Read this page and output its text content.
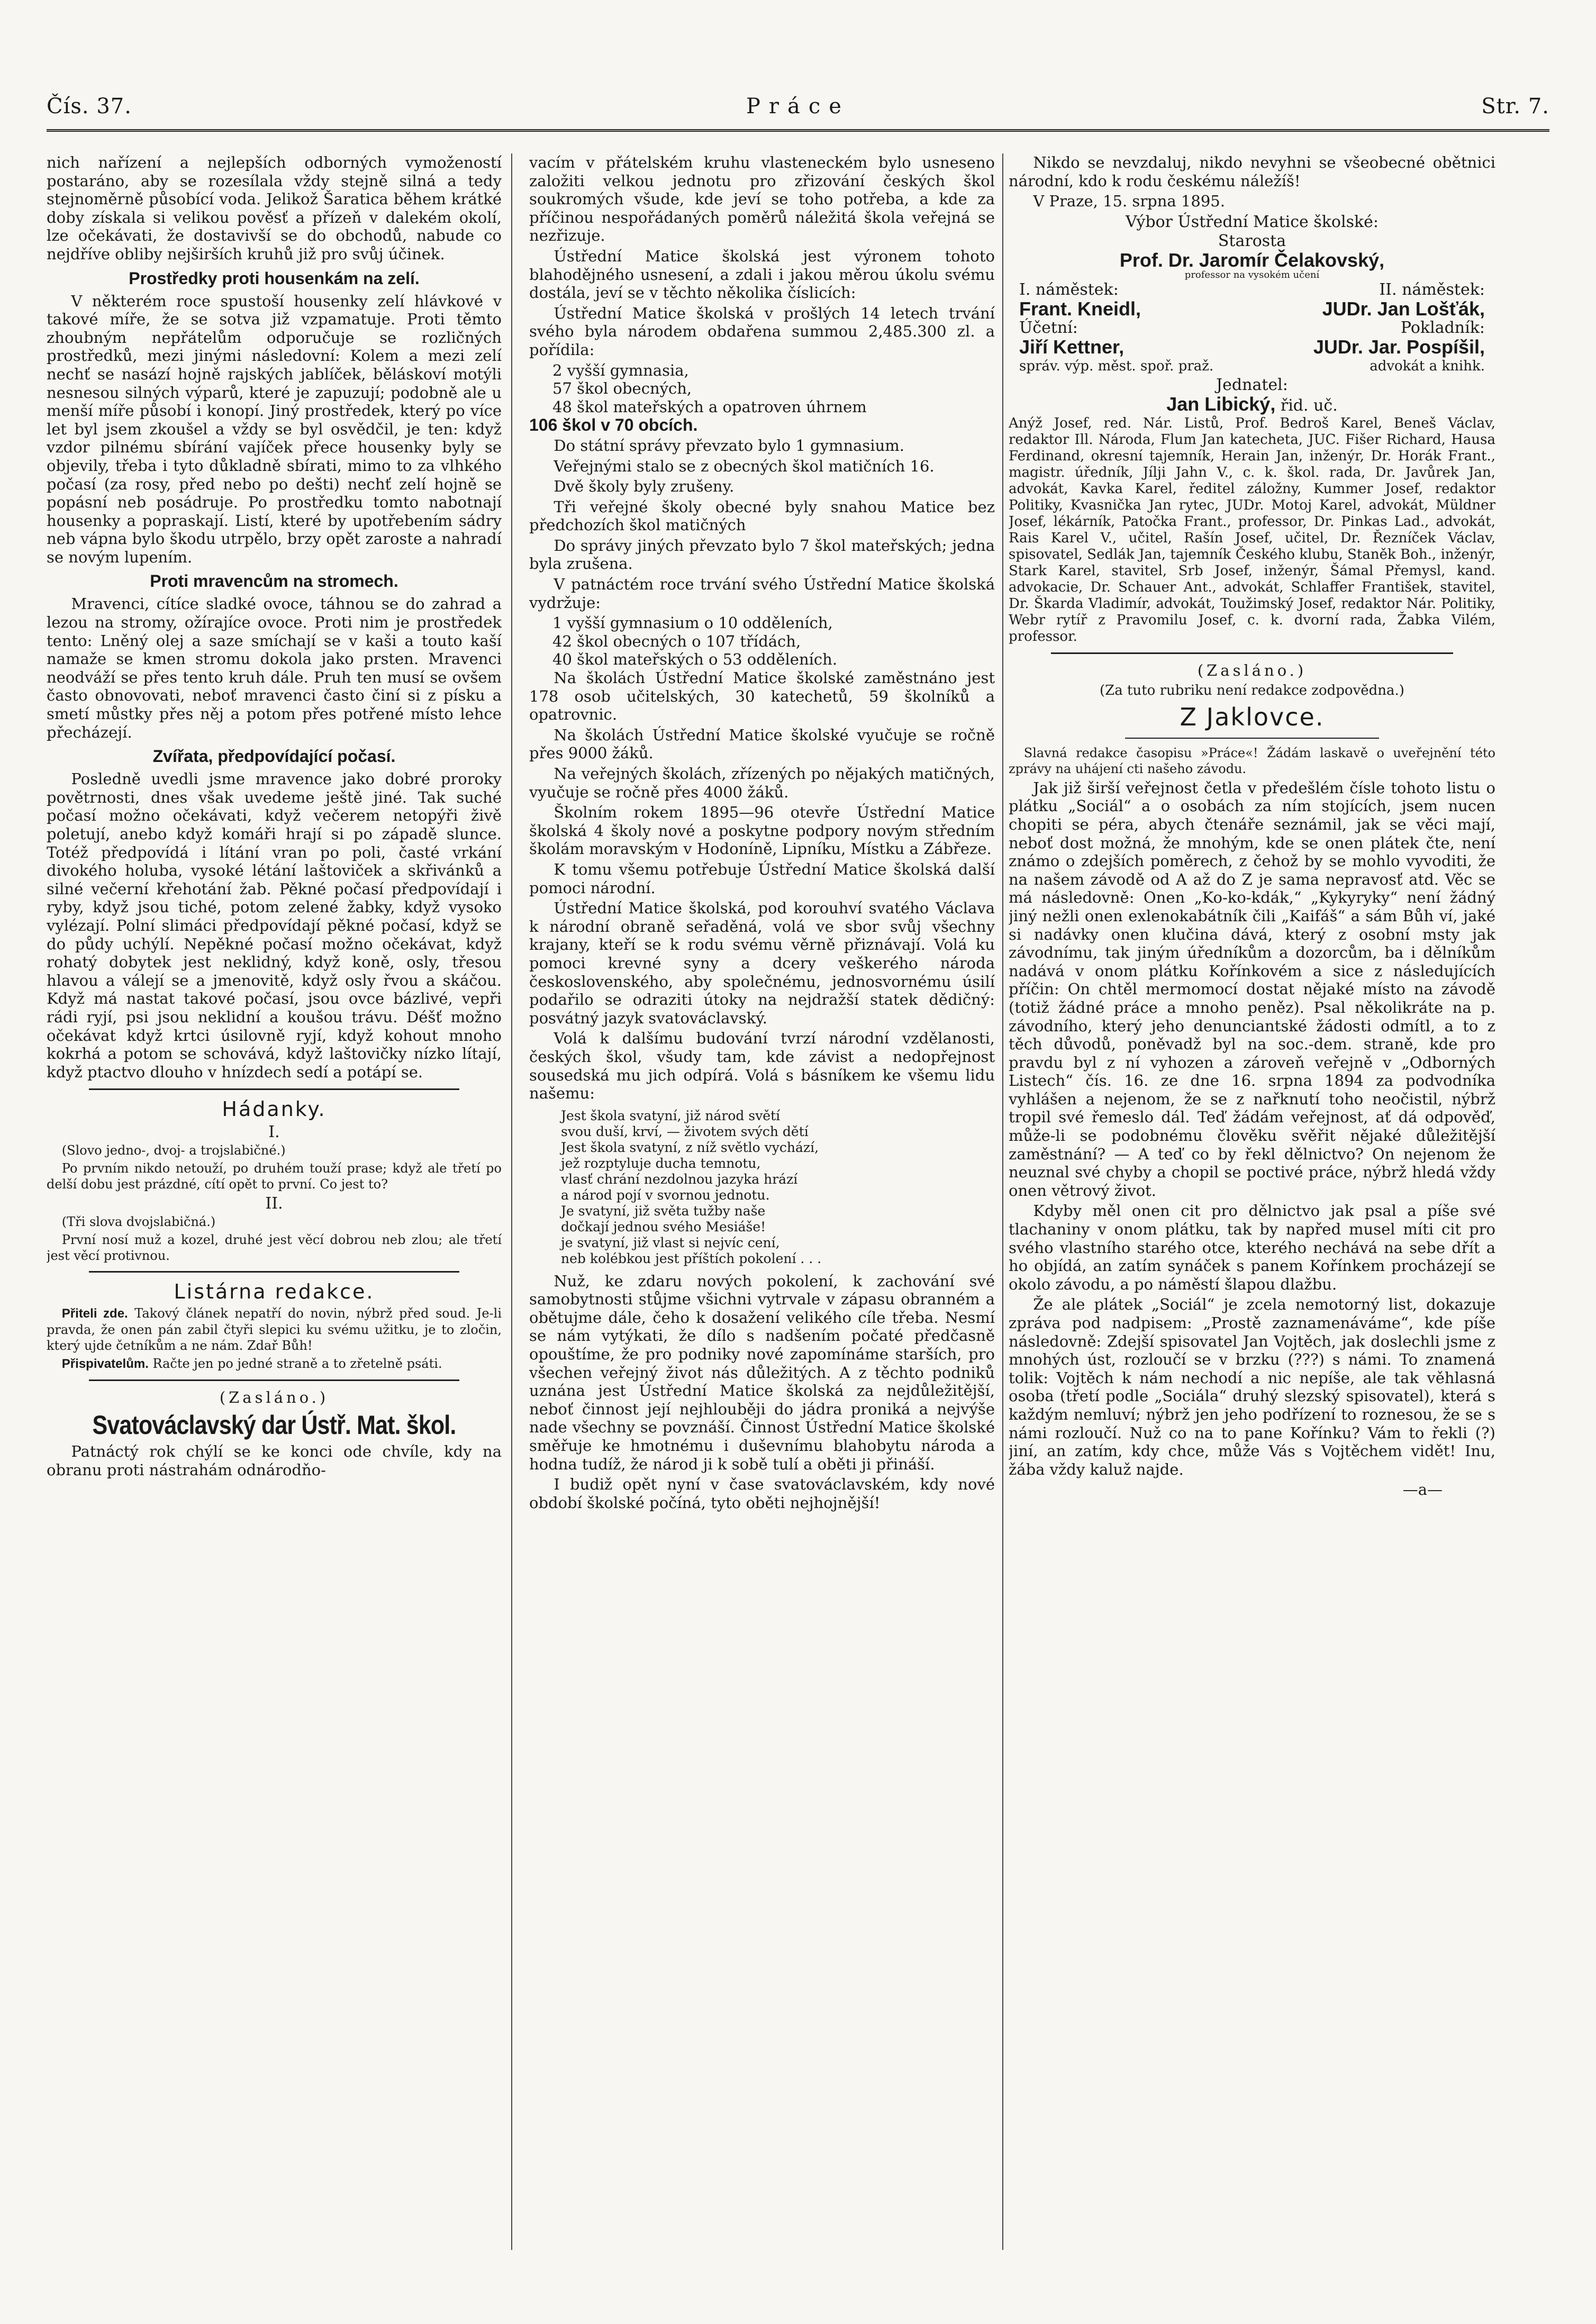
Čís. 37.	Práce	Str. 7.

nich nařízení a nejlepších odborných vymožeností postaráno, aby se rozesílala vždy stejně silná a tedy stejnoměrně působící voda. Jelikož Šaratica během krátké doby získala si velikou pověsť a přízeň v dalekém okolí, lze očekávati, že dostavivší se do obchodů, nabude co nejdříve obliby nejširších kruhů již pro svůj účinek.

Prostředky proti housenkám na zelí.

V některém roce spustoší housenky zelí hlávkové v takové míře, že se sotva již vzpamatuje. Proti těmto zhoubným nepřátelům odporučuje se rozličných prostředků, mezi jinými následovní: Kolem a mezi zelí nechť se nasází hojně rajských jablíček, běláskoví motýli nesnesou silných výparů, které je zapuzují; podobně ale u menší míře působí i konopí. Jiný prostředek, který po více let byl jsem zkoušel a vždy se byl osvědčil, je ten: když vzdor pilnému sbírání vajíček přece housenky byly se objevily, třeba i tyto důkladně sbírati, mimo to za vlhkého počasí (za rosy, před nebo po dešti) nechť zelí hojně se popásní neb posádruje. Po prostředku tomto nabotnají housenky a popraskají. Listí, které by upotřebením sádry neb vápna bylo škodu utrpělo, brzy opět zaroste a nahradí se novým lupením.

Proti mravencům na stromech.

Mravenci, cítíce sladké ovoce, táhnou se do zahrad a lezou na stromy, ožírajíce ovoce. Proti nim je prostředek tento: Lněný olej a saze smíchají se v kaši a touto kaší namaže se kmen stromu dokola jako prsten. Mravenci neodváží se přes tento kruh dále. Pruh ten musí se ovšem často obnovovati, neboť mravenci často činí si z písku a smetí můstky přes něj a potom přes potřené místo lehce přecházejí.

Zvířata, předpovídající počasí.

Posledně uvedli jsme mravence jako dobré proroky povětrnosti, dnes však uvedeme ještě jiné. Tak suché počasí možno očekávati, když večerem netopýři živě poletují, anebo když komáři hrají si po západě slunce. Totéž předpovídá i lítání vran po poli, časté vrkání divokého holuba, vysoké létání laštoviček a skřivánků a silné večerní křehotání žab. Pěkné počasí předpovídají i ryby, když jsou tiché, potom zelené žabky, když vysoko vylézají. Polní slimáci předpovídají pěkné počasí, když se do půdy uchýlí. Nepěkné počasí možno očekávat, když rohatý dobytek jest neklidný, když koně, osly, třesou hlavou a válejí se a jmenovitě, když osly řvou a skáčou. Když má nastat takové počasí, jsou ovce bázlivé, vepři rádi ryjí, psi jsou neklidní a koušou trávu. Déšť možno očekávat když krtci úsilovně ryjí, když kohout mnoho kokrhá a potom se schovává, když laštovičky nízko lítají, když ptactvo dlouho v hnízdech sedí a potápí se.

Hádanky.
I.

(Slovo jedno-, dvoj- a trojslabičné.)

Po prvním nikdo netouží, po druhém touží prase; když ale třetí po delší dobu jest prázdné, cítí opět to první. Co jest to?

II.

(Tři slova dvojslabičná.)

První nosí muž a kozel, druhé jest věcí dobrou neb zlou; ale třetí jest věcí protivnou.

Listárna redakce.

Přiteli zde. Takový článek nepatří do novin, nýbrž před soud. Je-li pravda, že onen pán zabil čtyři slepici ku svému užitku, je to zločin, který ujde četníkům a ne nám. Zdař Bůh!

Přispivatelům. Račte jen po jedné straně a to zřetelně psáti.

(Zasláno.)
Svatováclavský dar Ústř. Mat. škol.

Patnáctý rok chýlí se ke konci ode chvíle, kdy na obranu proti nástrahám odnárodňo-

vacím v přátelském kruhu vlasteneckém bylo usneseno založiti velkou jednotu pro zřizování českých škol soukromých všude, kde jeví se toho potřeba, a kde za příčinou nespořádaných poměrů náležitá škola veřejná se nezřizuje.

Ústřední Matice školská jest výronem tohoto blahodějného usnesení, a zdali i jakou měrou úkolu svému dostála, jeví se v těchto několika číslicích:

Ústřední Matice školská v prošlých 14 letech trvání svého byla národem obdařena summou 2,485.300 zl. a pořídila:

2 vyšší gymnasia,
57 škol obecných,
48 škol mateřských a opatroven úhrnem

106 škol v 70 obcích.

Do státní správy převzato bylo 1 gymnasium.

Veřejnými stalo se z obecných škol matičních 16.

Dvě školy byly zrušeny.

Tři veřejné školy obecné byly snahou Matice bez předchozích škol matičných

Do správy jiných převzato bylo 7 škol mateřských; jedna byla zrušena.

V patnáctém roce trvání svého Ústřední Matice školská vydržuje:

1 vyšší gymnasium o 10 odděleních,
42 škol obecných o 107 třídách,
40 škol mateřských o 53 odděleních.

Na školách Ústřední Matice školské zaměstnáno jest 178 osob učitelských, 30 katechetů, 59 školníků a opatrovnic.

Na školách Ústřední Matice školské vyučuje se ročně přes 9000 žáků.

Na veřejných školách, zřízených po nějakých matičných, vyučuje se ročně přes 4000 žáků.

Školním rokem 1895—96 otevře Ústřední Matice školská 4 školy nové a poskytne podpory novým středním školám moravským v Hodoníně, Lipníku, Místku a Zábřeze.

K tomu všemu potřebuje Ústřední Matice školská další pomoci národní.

Ústřední Matice školská, pod korouhví svatého Václava k národní obraně seřaděná, volá ve sbor svůj všechny krajany, kteří se k rodu svému věrně přiznávají. Volá ku pomoci krevné syny a dcery veškerého národa československého, aby společnému, jednosvornému úsilí podařilo se odraziti útoky na nejdražší statek dědičný: posvátný jazyk svatováclavský.

Volá k dalšímu budování tvrzí národní vzdělanosti, českých škol, všudy tam, kde závist a nedopřejnost sousedská mu jich odpírá. Volá s básníkem ke všemu lidu našemu:

Jest škola svatyní, již národ světí
svou duší, krví, — životem svých dětí
Jest škola svatyní, z níž světlo vychází,
jež rozptyluje ducha temnotu,
vlasť chrání nezdolnou jazyka hrází
a národ pojí v svornou jednotu.
Je svatyní, již světa tužby naše
dočkají jednou svého Mesiáše!
je svatyní, již vlast si nejvíc cení,
neb kolébkou jest příštích pokolení . . .

Nuž, ke zdaru nových pokolení, k zachování své samobytnosti stůjme všichni vytrvale v zápasu obranném a obětujme dále, čeho k dosažení velikého cíle třeba. Nesmí se nám vytýkati, že dílo s nadšením počaté předčasně opouštíme, že pro podniky nové zapomínáme starších, pro všechen veřejný život nás důležitých. A z těchto podniků uznána jest Ústřední Matice školská za nejdůležitější, neboť činnost její nejhlouběji do jádra proniká a nejvýše nade všechny se povznáší. Činnost Ústřední Matice školské směřuje ke hmotnému i duševnímu blahobytu národa a hodna tudíž, že národ ji k sobě tulí a oběti ji přináší.

I budiž opět nyní v čase svatováclavském, kdy nové období školské počíná, tyto oběti nejhojnější!

Nikdo se nevzdaluj, nikdo nevyhni se všeobecné obětnici národní, kdo k rodu českému náležíš!

V Praze, 15. srpna 1895.

Výbor Ústřední Matice školské:
Starosta
Prof. Dr. Jaromír Čelakovský,
professor na vysokém učení
I. náměstek:	II. náměstek:
Frant. Kneidl,	JUDr. Jan Lošťák,
Účetní:	Pokladník:
Jiří Kettner,	JUDr. Jar. Pospíšil,
správ. výp. měst. spoř. praž.	advokát a knihk.
Jednatel:
Jan Libický, řid. uč.

Anýž Josef, red. Nár. Listů, Prof. Bedroš Karel, Beneš Václav, redaktor Ill. Národa, Flum Jan katecheta, JUC. Fišer Richard, Hausa Ferdinand, okresní tajemník, Herain Jan, inženýr, Dr. Horák Frant., magistr. úředník, Jílji Jahn V., c. k. škol. rada, Dr. Javůrek Jan, advokát, Kavka Karel, ředitel záložny, Kummer Josef, redaktor Politiky, Kvasnička Jan rytec, JUDr. Motoj Karel, advokát, Müldner Josef, lékárník, Patočka Frant., professor, Dr. Pinkas Lad., advokát, Rais Karel V., učitel, Rašín Josef, učitel, Dr. Řezníček Václav, spisovatel, Sedlák Jan, tajemník Českého klubu, Staněk Boh., inženýr, Stark Karel, stavitel, Srb Josef, inženýr, Šámal Přemysl, kand. advokacie, Dr. Schauer Ant., advokát, Schlaffer František, stavitel, Dr. Škarda Vladimír, advokát, Toužimský Josef, redaktor Nár. Politiky, Webr rytíř z Pravomilu Josef, c. k. dvorní rada, Žabka Vilém, professor.

(Zasláno.)
(Za tuto rubriku není redakce zodpovědna.)
Z Jaklovce.

Slavná redakce časopisu »Práce«! Žádám laskavě o uveřejnění této zprávy na uhájení cti našeho závodu.

Jak již širší veřejnost četla v předešlém čísle tohoto listu o plátku „Sociál“ a o osobách za ním stojících, jsem nucen chopiti se péra, abych čtenáře seznámil, jak se věci mají, neboť dost možná, že mnohým, kde se onen plátek čte, není známo o zdejších poměrech, z čehož by se mohlo vyvoditi, že na našem závodě od A až do Z je sama nepravosť atd. Věc se má následovně: Onen „Ko-ko-kdák,“ „Kykyryky“ není žádný jiný nežli onen exlenokabátník čili „Kaifáš“ a sám Bůh ví, jaké si nadávky onen klučina dává, který z osobní msty jak závodnímu, tak jiným úředníkům a dozorcům, ba i dělníkům nadává v onom plátku Kořínkovém a sice z následujících příčin: On chtěl mermomocí dostat nějaké místo na závodě (totiž žádné práce a mnoho peněz). Psal několikráte na p. závodního, který jeho denunciantské žádosti odmítl, a to z těch důvodů, poněvadž byl na soc.-dem. straně, kde pro pravdu byl z ní vyhozen a zároveň veřejně v „Odborných Listech“ čís. 16. ze dne 16. srpna 1894 za podvodníka vyhlášen a nejenom, že se z nařknutí toho neočistil, nýbrž tropil své řemeslo dál. Teď žádám veřejnost, ať dá odpověď, může-li se podobnému člověku svěřit nějaké důležitější zaměstnání? — A teď co by řekl dělnictvo? On nejenom že neuznal své chyby a chopil se poctivé práce, nýbrž hledá vždy onen větrový život.

Kdyby měl onen cit pro dělnictvo jak psal a píše své tlachaniny v onom plátku, tak by napřed musel míti cit pro svého vlastního starého otce, kterého nechává na sebe dřít a ho objídá, an zatím synáček s panem Kořínkem procházejí se okolo závodu, a po náměstí šlapou dlažbu.

Že ale plátek „Sociál“ je zcela nemotorný list, dokazuje zpráva pod nadpisem: „Prostě zaznamenáváme“, kde píše následovně: Zdejší spisovatel Jan Vojtěch, jak doslechli jsme z mnohých úst, rozloučí se v brzku (???) s námi. To znamená tolik: Vojtěch k nám nechodí a nic nepíše, ale tak věhlasná osoba (třetí podle „Sociála“ druhý slezský spisovatel), která s každým nemluví; nýbrž jen jeho podřízení to roznesou, že se s námi rozloučí. Nuž co na to pane Kořínku? Vám to řekli (?) jiní, an zatím, kdy chce, může Vás s Vojtěchem vidět! Inu, žába vždy kaluž najde.

—a—
